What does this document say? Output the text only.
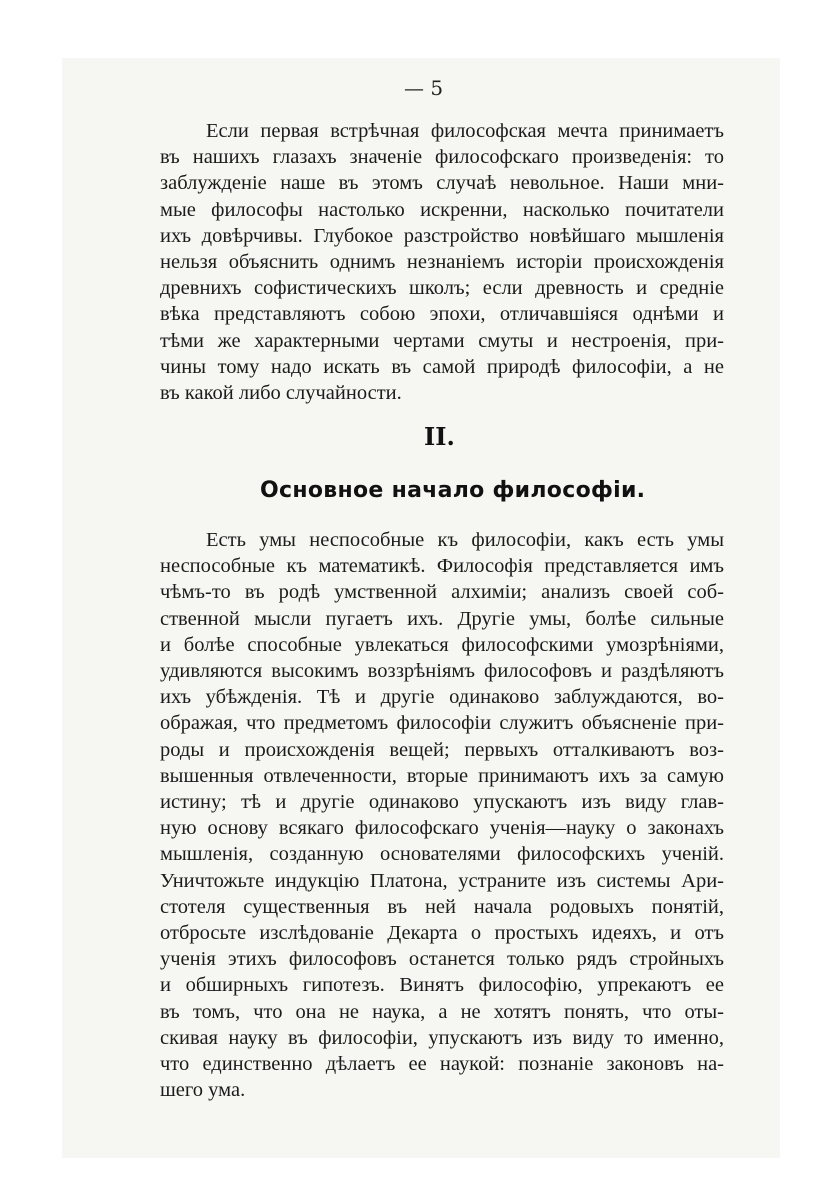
— 5
Если первая встрѣчная философская мечта принимаетъ
въ нашихъ глазахъ значеніе философскаго произведенія: то
заблужденіе наше въ этомъ случаѣ невольное. Наши мни-
мые философы настолько искренни, насколько почитатели
ихъ довѣрчивы. Глубокое разстройство новѣйшаго мышленія
нельзя объяснить однимъ незнаніемъ исторіи происхожденія
древнихъ софистическихъ школъ; если древность и средніе
вѣка представляютъ собою эпохи, отличавшіяся однѣми и
тѣми же характерными чертами смуты и нестроенія, при-
чины тому надо искать въ самой природѣ философіи, а не
въ какой либо случайности.
II.
Основное начало философіи.
Есть умы неспособные къ философіи, какъ есть умы
неспособные къ математикѣ. Философія представляется имъ
чѣмъ-то въ родѣ умственной алхиміи; анализъ своей соб-
ственной мысли пугаетъ ихъ. Другіе умы, болѣе сильные
и болѣе способные увлекаться философскими умозрѣніями,
удивляются высокимъ воззрѣніямъ философовъ и раздѣляютъ
ихъ убѣжденія. Тѣ и другіе одинаково заблуждаются, во-
ображая, что предметомъ философіи служитъ объясненіе при-
роды и происхожденія вещей; первыхъ отталкиваютъ воз-
вышенныя отвлеченности, вторые принимаютъ ихъ за самую
истину; тѣ и другіе одинаково упускаютъ изъ виду глав-
ную основу всякаго философскаго ученія—науку о законахъ
мышленія, созданную основателями философскихъ ученій.
Уничтожьте индукцію Платона, устраните изъ системы Ари-
стотеля существенныя въ ней начала родовыхъ понятій,
отбросьте изслѣдованіе Декарта о простыхъ идеяхъ, и отъ
ученія этихъ философовъ останется только рядъ стройныхъ
и обширныхъ гипотезъ. Винятъ философію, упрекаютъ ее
въ томъ, что она не наука, а не хотятъ понять, что оты-
скивая науку въ философіи, упускаютъ изъ виду то именно,
что единственно дѣлаетъ ее наукой: познаніе законовъ на-
шего ума.
